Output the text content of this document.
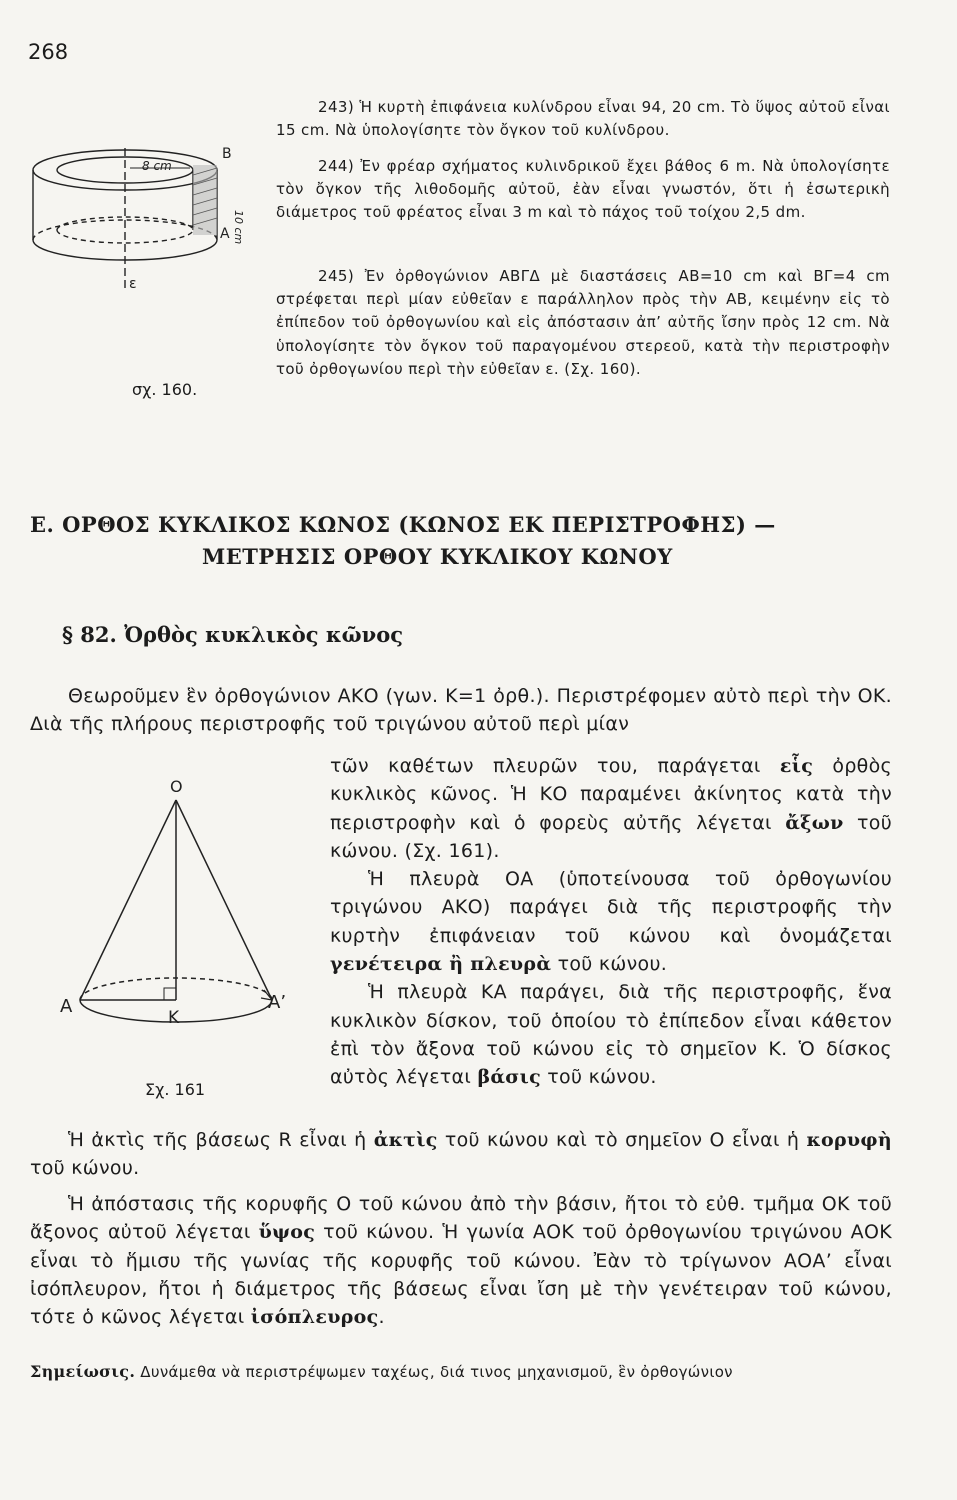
268
8 cm
B
A
ε
10 cm
σχ. 160.

243) Ἡ κυρτὴ ἐπιφάνεια κυλίνδρου εἶναι 94, 20 cm. Τὸ ὕψος αὐτοῦ εἶναι 15 cm. Νὰ ὑπολογίσητε τὸν ὄγκον τοῦ κυλίνδρου.

244) Ἐν φρέαρ σχήματος κυλινδρικοῦ ἔχει βάθος 6 m. Νὰ ὑπολογίσητε τὸν ὄγκον τῆς λιθοδομῆς αὐτοῦ, ἐὰν εἶναι γνωστόν, ὅτι ἡ ἐσωτερικὴ διάμετρος τοῦ φρέατος εἶναι 3 m καὶ τὸ πάχος τοῦ τοίχου 2,5 dm.

245) Ἐν ὀρθογώνιον ΑΒΓΔ μὲ διαστάσεις ΑΒ=10 cm καὶ ΒΓ=4 cm στρέφεται περὶ μίαν εὐθεῖαν ε παράλληλον πρὸς τὴν ΑΒ, κειμένην εἰς τὸ ἐπίπεδον τοῦ ὀρθογωνίου καὶ εἰς ἀπόστασιν ἀπ’ αὐτῆς ἴσην πρὸς 12 cm. Νὰ ὑπολογίσητε τὸν ὄγκον τοῦ παραγομένου στερεοῦ, κατὰ τὴν περιστροφὴν τοῦ ὀρθογωνίου περὶ τὴν εὐθεῖαν ε. (Σχ. 160).

Ε. ΟΡΘΟΣ ΚΥΚΛΙΚΟΣ ΚΩΝΟΣ (ΚΩΝΟΣ ΕΚ ΠΕΡΙΣΤΡΟΦΗΣ) —
ΜΕΤΡΗΣΙΣ ΟΡΘΟΥ ΚΥΚΛΙΚΟΥ ΚΩΝΟΥ
§ 82. Ὀρθὸς κυκλικὸς κῶνος

Θεωροῦμεν ἓν ὀρθογώνιον ΑΚΟ (γων. Κ=1 ὀρθ.). Περιστρέφομεν αὐτὸ περὶ τὴν ΟΚ. Διὰ τῆς πλήρους περιστροφῆς τοῦ τριγώνου αὐτοῦ περὶ μίαν

O
A
K
A’
Σχ. 161

τῶν καθέτων πλευρῶν του, παράγεται εἷς ὀρθὸς κυκλικὸς κῶνος. Ἡ ΚΟ παραμένει ἀκίνητος κατὰ τὴν περιστροφὴν καὶ ὁ φορεὺς αὐτῆς λέγεται ἄξων τοῦ κώνου. (Σχ. 161).

Ἡ πλευρὰ ΟΑ (ὑποτείνουσα τοῦ ὀρθογωνίου τριγώνου ΑΚΟ) παράγει διὰ τῆς περιστροφῆς τὴν κυρτὴν ἐπιφάνειαν τοῦ κώνου καὶ ὀνομάζεται γενέτειρα ἢ πλευρὰ τοῦ κώνου.

Ἡ πλευρὰ ΚΑ παράγει, διὰ τῆς περιστροφῆς, ἕνα κυκλικὸν δίσκον, τοῦ ὁποίου τὸ ἐπίπεδον εἶναι κάθετον ἐπὶ τὸν ἄξονα τοῦ κώνου εἰς τὸ σημεῖον Κ. Ὁ δίσκος αὐτὸς λέγεται βάσις τοῦ κώνου.

Ἡ ἀκτὶς τῆς βάσεως R εἶναι ἡ ἀκτὶς τοῦ κώνου καὶ τὸ σημεῖον Ο εἶναι ἡ κορυφὴ τοῦ κώνου.

Ἡ ἀπόστασις τῆς κορυφῆς Ο τοῦ κώνου ἀπὸ τὴν βάσιν, ἤτοι τὸ εὐθ. τμῆμα ΟΚ τοῦ ἄξονος αὐτοῦ λέγεται ὕψος τοῦ κώνου. Ἡ γωνία ΑΟΚ τοῦ ὀρθογωνίου τριγώνου ΑΟΚ εἶναι τὸ ἥμισυ τῆς γωνίας τῆς κορυφῆς τοῦ κώνου. Ἐὰν τὸ τρίγωνον ΑΟΑ’ εἶναι ἰσόπλευρον, ἤτοι ἡ διάμετρος τῆς βάσεως εἶναι ἴση μὲ τὴν γενέτειραν τοῦ κώνου, τότε ὁ κῶνος λέγεται ἰσόπλευρος.

Σημείωσις. Δυνάμεθα νὰ περιστρέψωμεν ταχέως, διά τινος μηχανισμοῦ, ἓν ὀρθογώνιον
